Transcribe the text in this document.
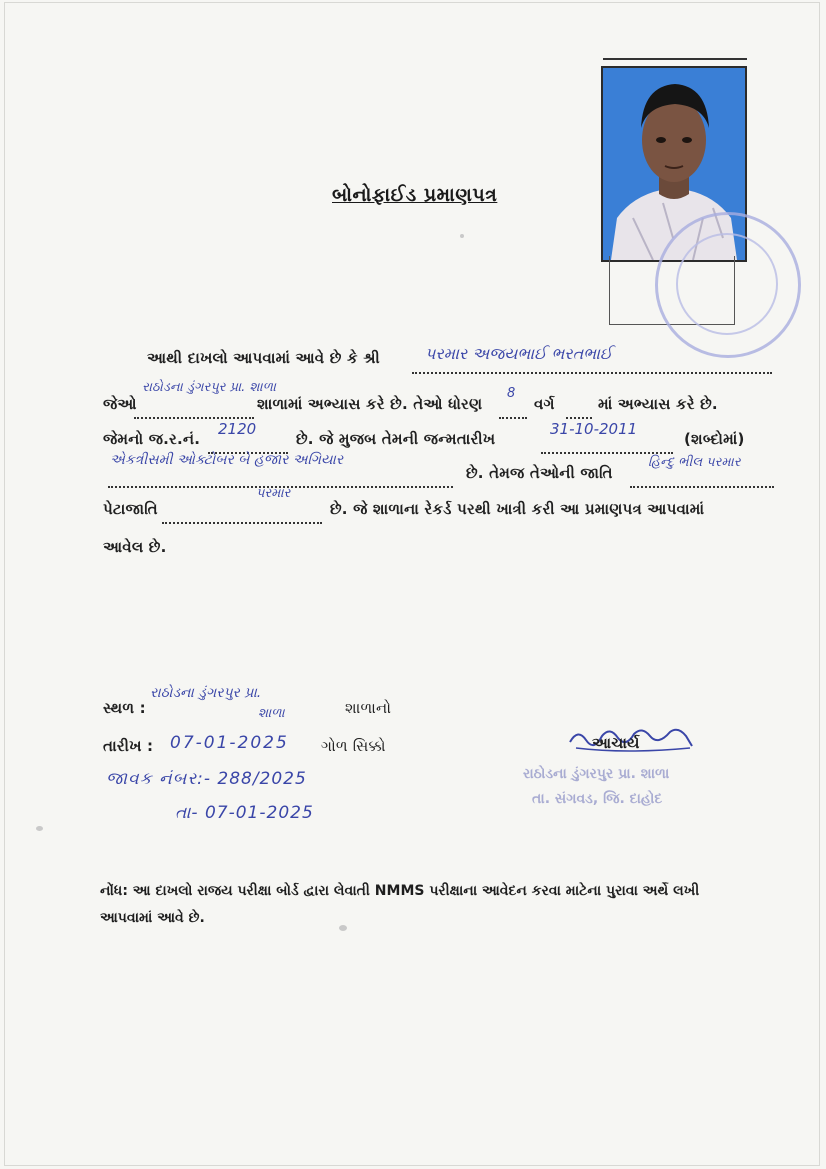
બોનોફાઈડ પ્રમાણપત્ર
આથી દાખલો આપવામાં આવે છે કે શ્રી	પરમાર અજયભાઈ ભરતભાઈ
જેઓ
રાઠોડના ડુંગરપુર પ્રા. શાળા
શાળામાં અભ્યાસ કરે છે. તેઓ ધોરણ
8
વર્ગ	માં અભ્યાસ કરે છે.
જેમનો જ.ર.નં.
2120
છે. જે મુજબ તેમની જન્મતારીખ
31-10-2011
(શબ્દોમાં)
એકત્રીસમી ઓક્ટોબર બે હજાર અગિયાર
છે. તેમજ તેઓની જાતિ
હિન્દુ ભીલ પરમાર
પેટાજાતિ
પરમાર
છે. જે શાળાના રેકર્ડ પરથી ખાત્રી કરી આ પ્રમાણપત્ર આપવામાં
આવેલ છે.
સ્થળ :
રાઠોડના ડુંગરપુર પ્રા.
શાળા	શાળાનો
તારીખ : 07-01-2025 ગોળ સિક્કો
જાવક નંબર:- 288/2025
તા- 07-01-2025
આચાર્ય
રાઠોડના ડુંગરપુર પ્રા. શાળા
તા. સંગવડ, જિ. દાહોદ
નોંધ: આ દાખલો રાજય પરીક્ષા બોર્ડ દ્વારા લેવાતી NMMS પરીક્ષાના આવેદન કરવા માટેના પુરાવા અર્થે લખી
આપવામાં આવે છે.
